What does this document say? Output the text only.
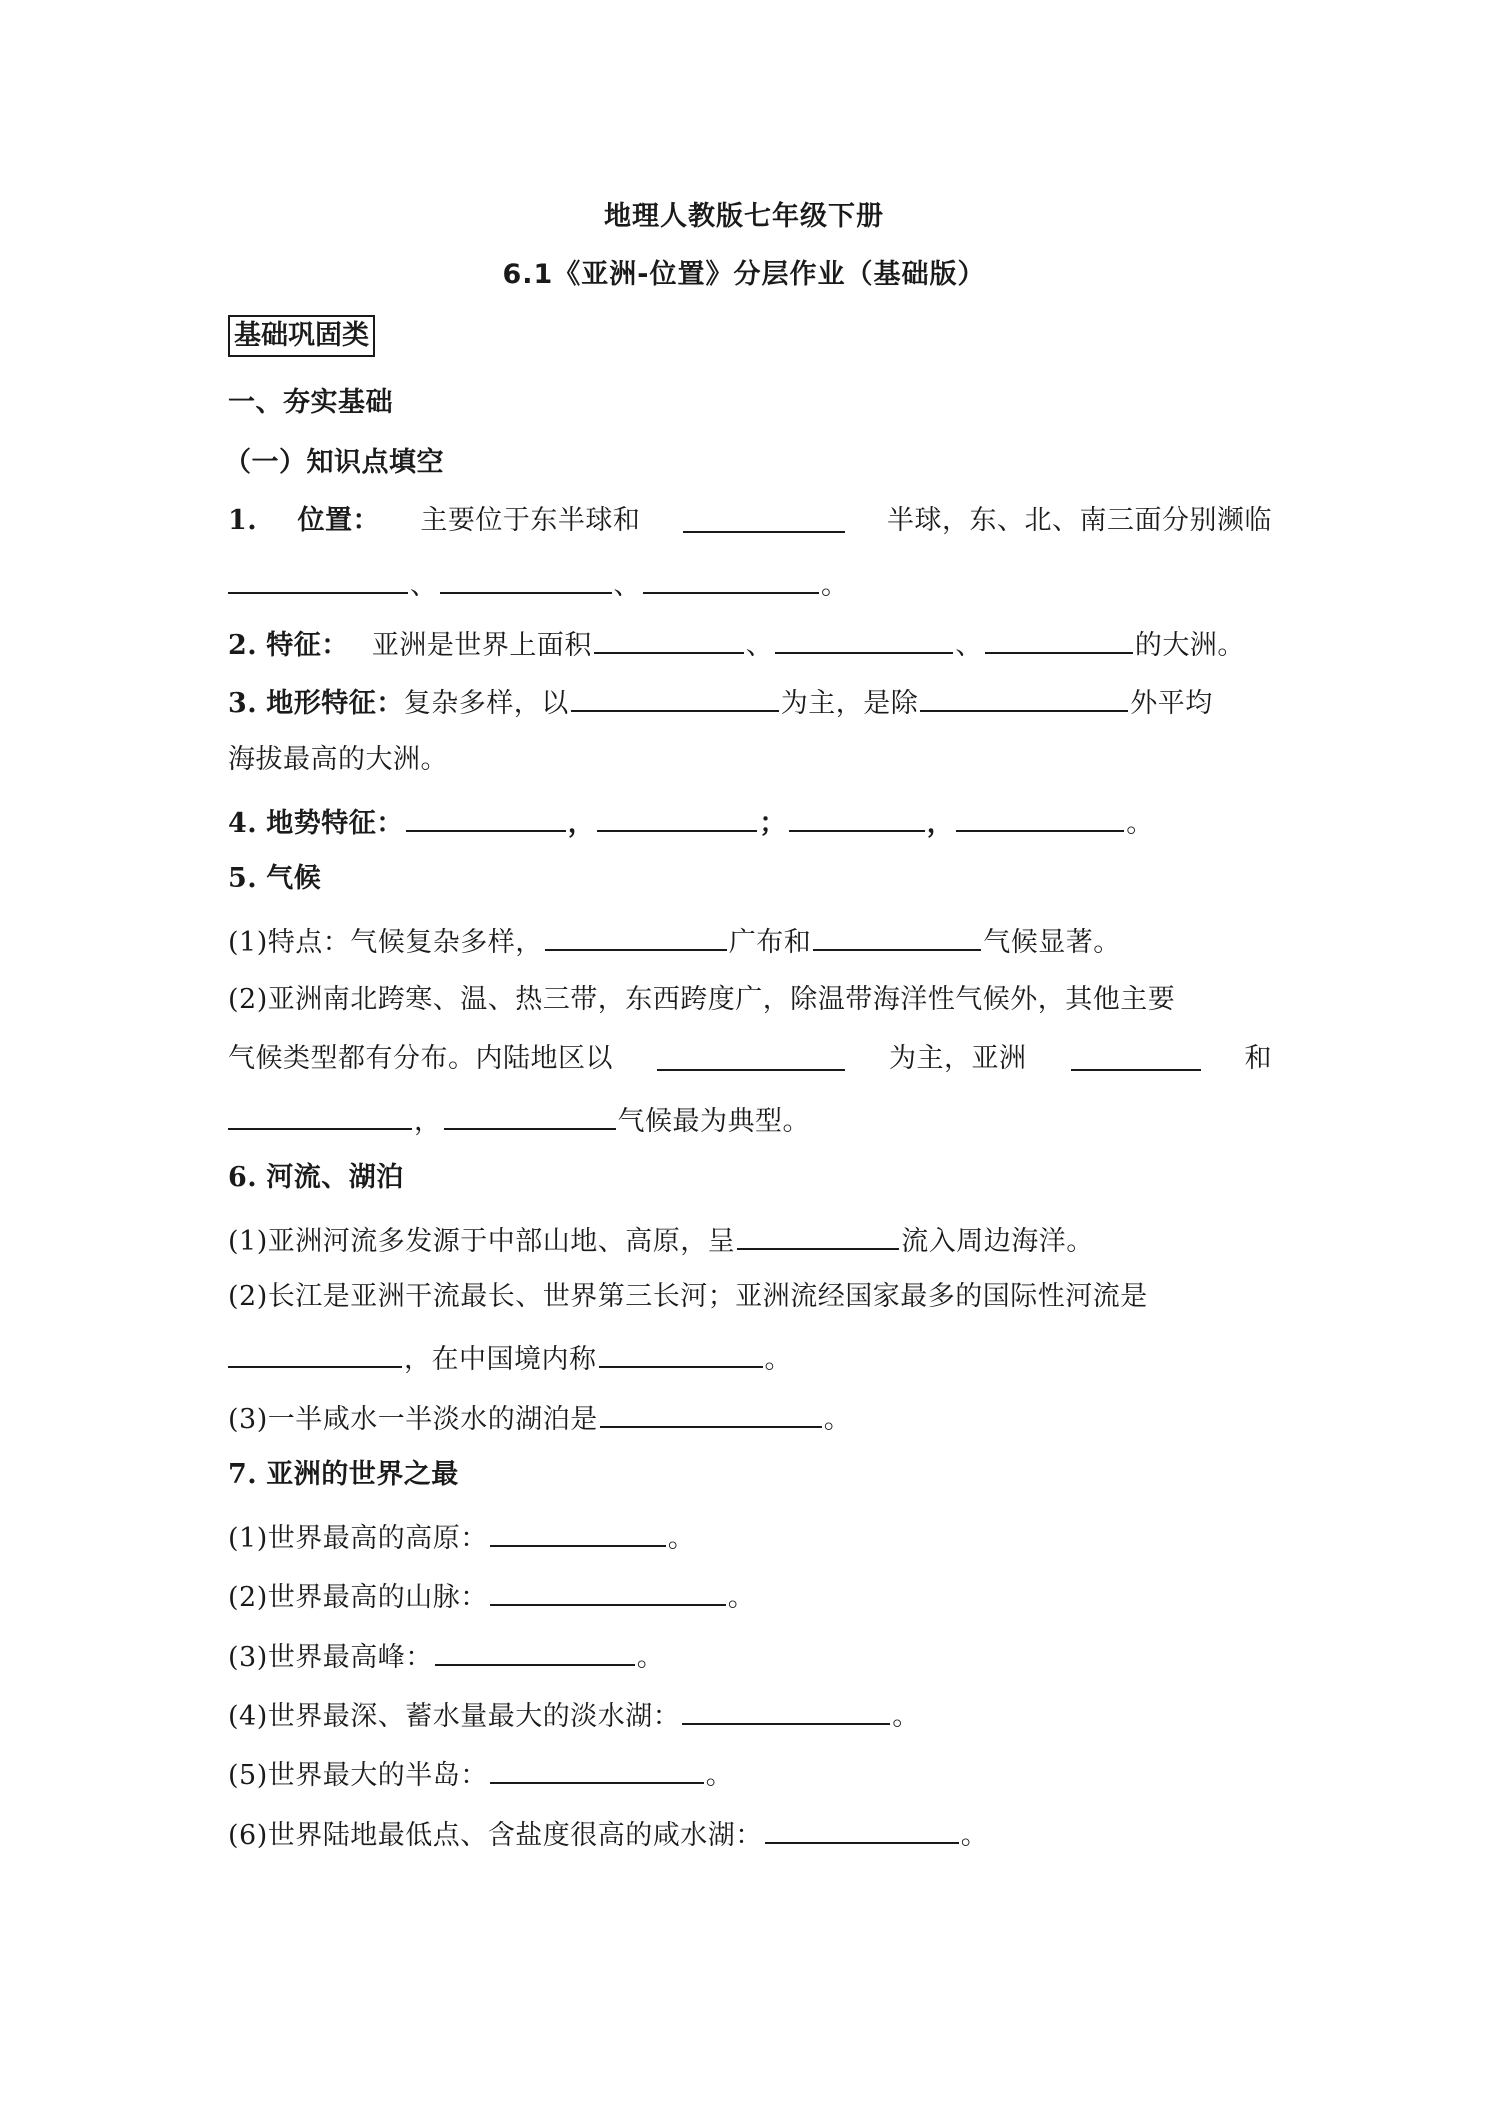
地理人教版七年级下册
6.1《亚洲-位置》分层作业（基础版）
基础巩固类
一、夯实基础
（一）知识点填空
1. 位置： 主要位于东半球和	半球，东、北、南三面分别濒临
、	、	。
2. 特征： 亚洲是世界上面积	、	、	的大洲。
3. 地形特征：复杂多样，以	为主，是除	外平均
海拔最高的大洲。
4. 地势特征：	，	；	，	。
5. 气候
(1)特点：气候复杂多样，	广布和	气候显著。
(2)亚洲南北跨寒、温、热三带，东西跨度广，除温带海洋性气候外，其他主要
气候类型都有分布。内陆地区以	为主，亚洲	和
，	气候最为典型。
6. 河流、湖泊
(1)亚洲河流多发源于中部山地、高原，呈	流入周边海洋。
(2)长江是亚洲干流最长、世界第三长河；亚洲流经国家最多的国际性河流是
，在中国境内称	。
(3)一半咸水一半淡水的湖泊是	。
7. 亚洲的世界之最
(1)世界最高的高原：	。
(2)世界最高的山脉：	。
(3)世界最高峰：	。
(4)世界最深、蓄水量最大的淡水湖：	。
(5)世界最大的半岛：	。
(6)世界陆地最低点、含盐度很高的咸水湖：	。
